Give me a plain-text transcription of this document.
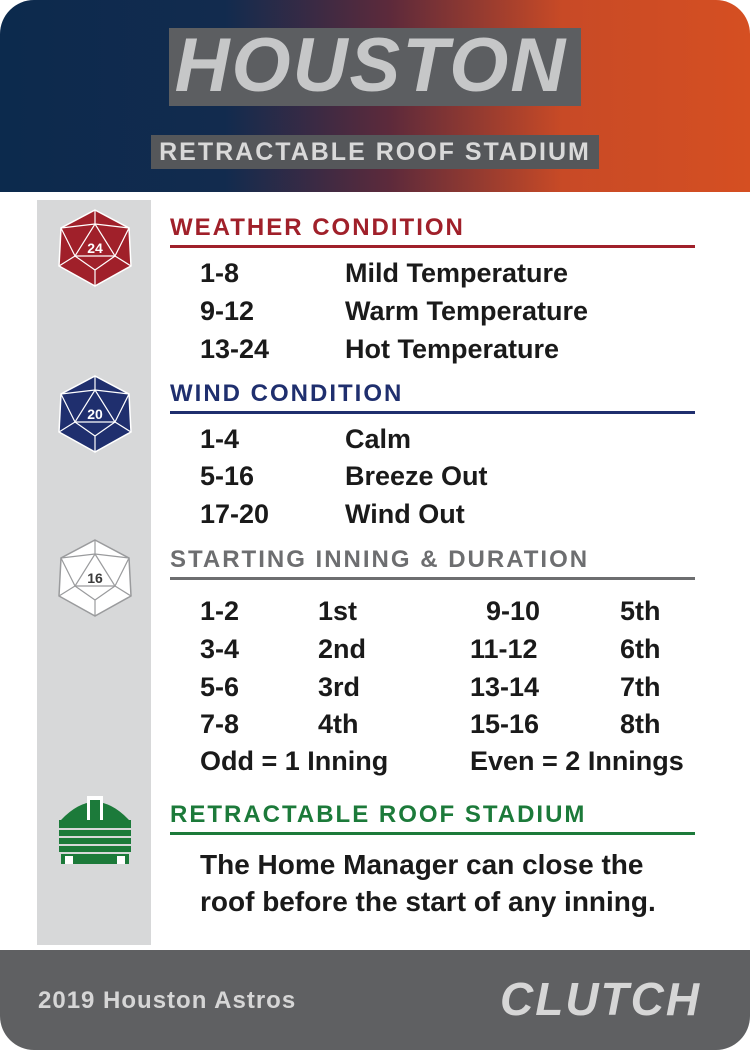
HOUSTON
RETRACTABLE ROOF STADIUM
24
20
16
WEATHER CONDITION
1-8	Mild Temperature
9-12	Warm Temperature
13-24	Hot Temperature
WIND CONDITION
1-4	Calm
5-16	Breeze Out
17-20	Wind Out
STARTING INNING & DURATION
1-2	1st	9-10	5th
3-4	2nd	11-12	6th
5-6	3rd	13-14	7th
7-8	4th	15-16	8th
Odd = 1 Inning	Even = 2 Innings
RETRACTABLE ROOF STADIUM
The Home Manager can close the
roof before the start of any inning.
2019 Houston Astros	CLUTCH
